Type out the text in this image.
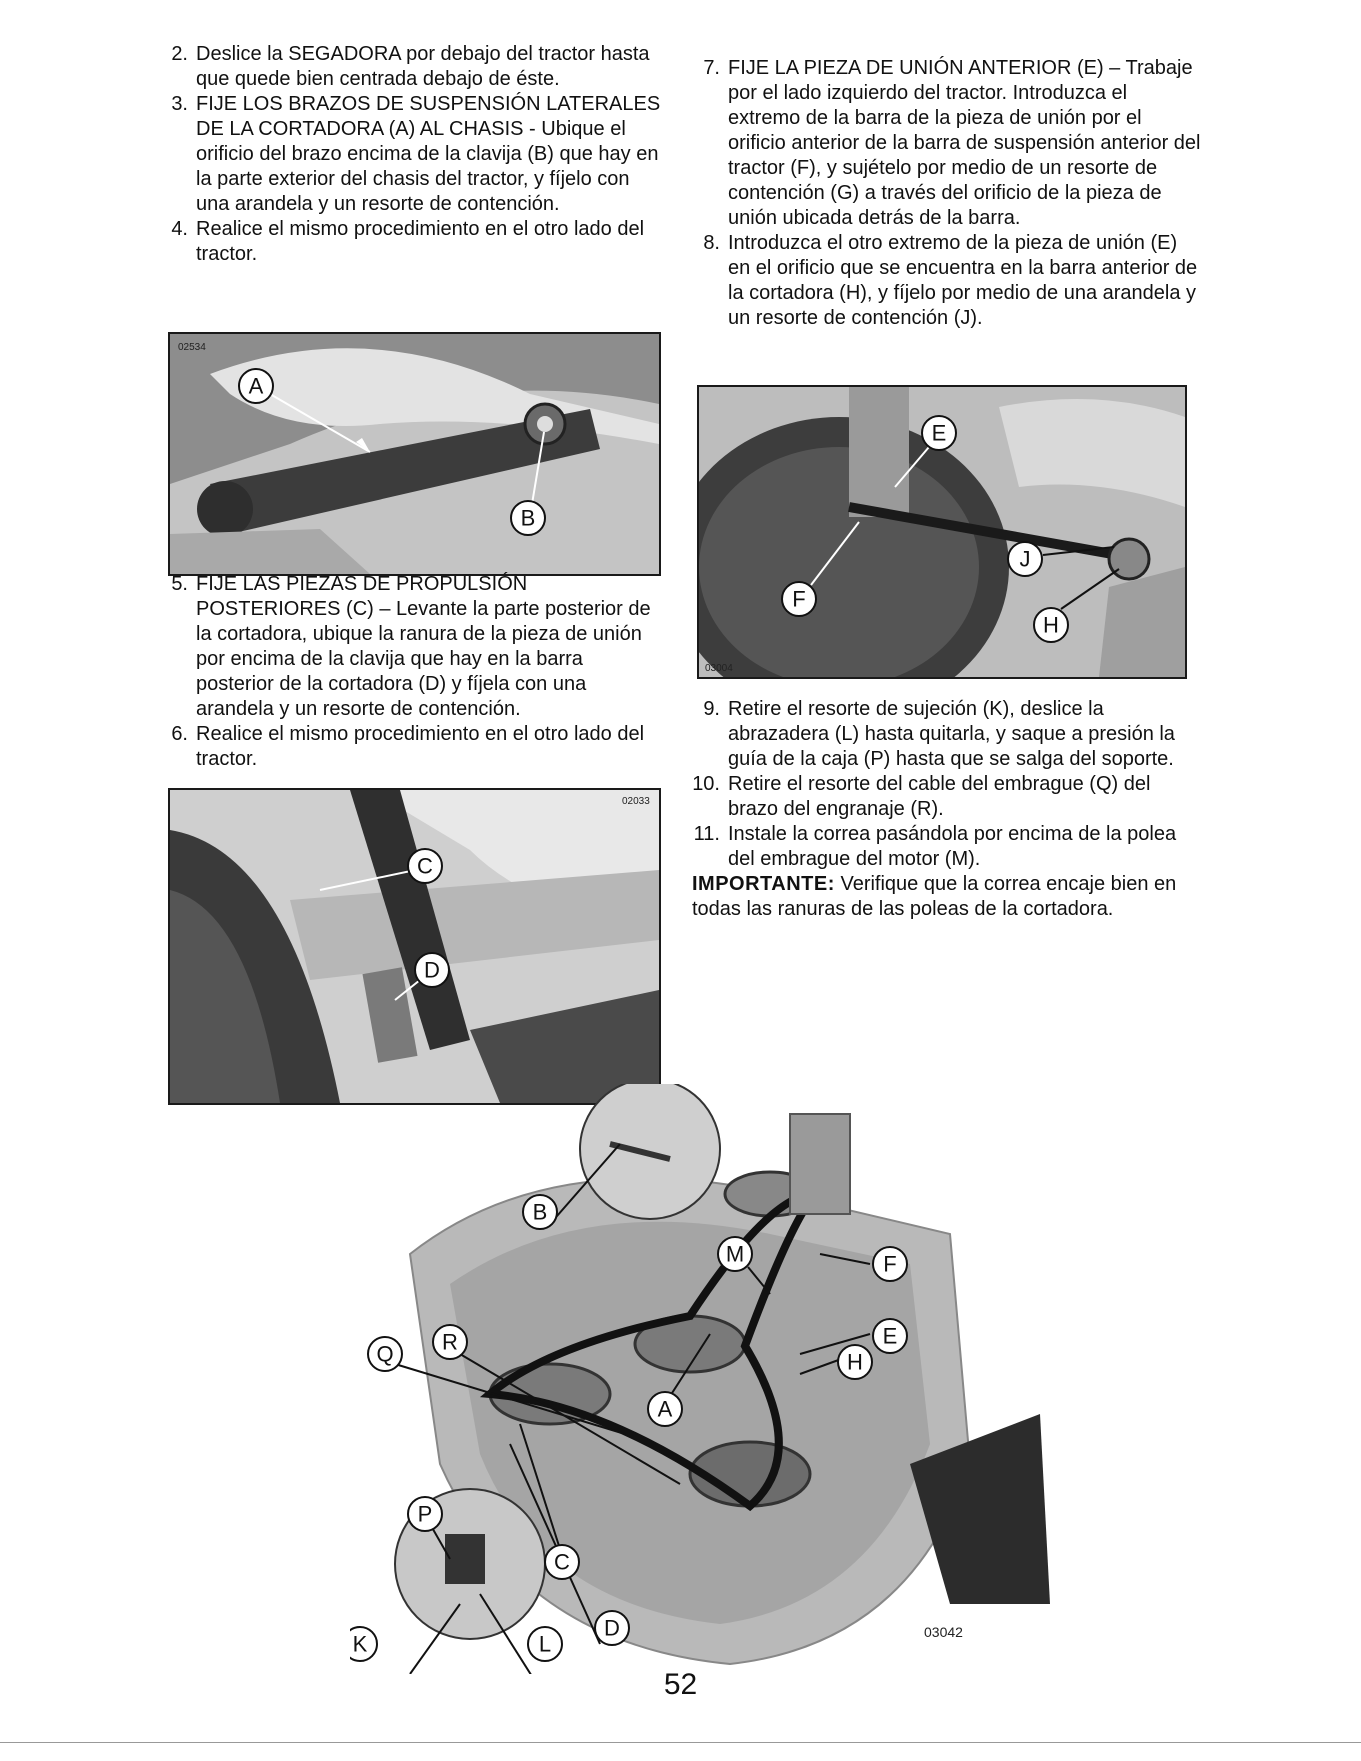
2. Deslice la SEGADORA por debajo del tractor hasta que quede bien centrada debajo de éste.

3. FIJE LOS BRAZOS DE SUSPENSIÓN LATERALES DE LA CORTADORA (A) AL CHASIS - Ubique el orificio del brazo encima de la clavija (B) que hay en la parte exterior del chasis del tractor, y fíjelo con una arandela y un resorte de contención.

4. Realice el mismo procedimiento en el otro lado del tractor.

A
B
02534

5. FIJE LAS PIEZAS DE PROPULSIÓN POSTERIORES (C) – Levante la parte posterior de la cortadora, ubique la ranura de la pieza de unión por encima de la clavija que hay en la barra posterior de la cortadora (D) y fíjela con una arandela y un resorte de contención.

6. Realice el mismo procedimiento en el otro lado del tractor.

C
D
02033

7. FIJE LA PIEZA DE UNIÓN ANTERIOR (E) – Trabaje por el lado izquierdo del tractor. Introduzca el extremo de la barra de la pieza de unión por el orificio anterior de la barra de suspensión anterior del tractor (F), y sujételo por medio de un resorte de contención (G) a través del orificio de la pieza de unión ubicada detrás de la barra.

8. Introduzca el otro extremo de la pieza de unión (E) en el orificio que se encuentra en la barra anterior de la cortadora (H), y fíjelo por medio de una arandela y un resorte de contención (J).

E
F
J
H
03004

9. Retire el resorte de sujeción (K), deslice la abrazadera (L) hasta quitarla, y saque a presión la guía de la caja (P) hasta que se salga del soporte.

10. Retire el resorte del cable del embrague (Q) del brazo del engranaje (R).

11. Instale la correa pasándola por encima de la polea del embrague del motor (M).

IMPORTANTE: Verifique que la correa encaje bien en todas las ranuras de las poleas de la cortadora.

M
B
F
Q R	E
A
H
P
C
K
D
L	03042
52
